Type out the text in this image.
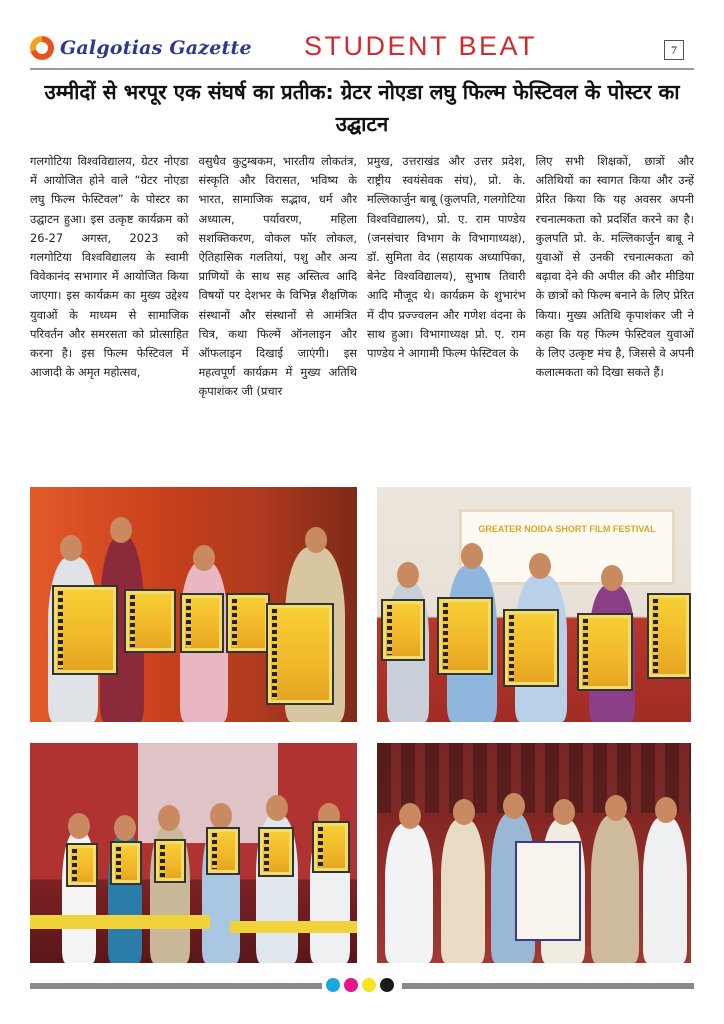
Galgotias Gazette STUDENT BEAT	7
उम्मीदों से भरपूर एक संघर्ष का प्रतीक: ग्रेटर नोएडा लघु फिल्म फेस्टिवल के पोस्टर का उद्घाटन
गलगोटिया विश्वविद्यालय, ग्रेटर नोएडा में आयोजित होने वाले “ग्रेटर नोएडा लघु फिल्म फेस्टिवल” के पोस्टर का उद्घाटन हुआ। इस उत्कृष्ट कार्यक्रम को 26-27 अगस्त, 2023 को गलगोटिया विश्वविद्यालय के स्वामी विवेकानंद सभागार में आयोजित किया जाएगा। इस कार्यक्रम का मुख्य उद्देश्य युवाओं के माध्यम से सामाजिक परिवर्तन और समरसता को प्रोत्साहित करना है। इस फिल्म फेस्टिवल में आजादी के अमृत महोत्सव,
वसुधैव कुटुम्बकम, भारतीय लोकतंत्र, संस्कृति और विरासत, भविष्य के भारत, सामाजिक सद्भाव, धर्म और अध्यात्म, पर्यावरण, महिला सशक्तिकरण, वोकल फॉर लोकल, ऐतिहासिक गलतियां, पशु और अन्य प्राणियों के साथ सह अस्तित्व आदि विषयों पर देशभर के विभिन्न शैक्षणिक संस्थानों और संस्थानों से आमंत्रित चित्र, कथा फिल्में ऑनलाइन और ऑफलाइन दिखाई जाएंगी। इस महत्वपूर्ण कार्यक्रम में मुख्य अतिथि कृपाशंकर जी (प्रचार
प्रमुख, उत्तराखंड और उत्तर प्रदेश, राष्ट्रीय स्वयंसेवक संघ), प्रो. के. मल्लिकार्जुन बाबू (कुलपति, गलगोटिया विश्वविद्यालय), प्रो. ए. राम पाण्डेय (जनसंचार विभाग के विभागाध्यक्ष), डॉ. सुमिता वेद (सहायक अध्यापिका, बेनेट विश्वविद्यालय), सुभाष तिवारी आदि मौजूद थे। कार्यक्रम के शुभारंभ में दीप प्रज्ज्वलन और गणेश वंदना के साथ हुआ। विभागाध्यक्ष प्रो. ए. राम पाण्डेय ने आगामी फिल्म फेस्टिवल के
लिए सभी शिक्षकों, छात्रों और अतिथियों का स्वागत किया और उन्हें प्रेरित किया कि यह अवसर अपनी रचनात्मकता को प्रदर्शित करने का है। कुलपति प्रो. के. मल्लिकार्जुन बाबू ने युवाओं से उनकी रचनात्मकता को बढ़ावा देने की अपील की और मीडिया के छात्रों को फिल्म बनाने के लिए प्रेरित किया। मुख्य अतिथि कृपाशंकर जी ने कहा कि यह फिल्म फेस्टिवल युवाओं के लिए उत्कृष्ट मंच है, जिससे वे अपनी कलात्मकता को दिखा सकते हैं।
GREATER NOIDA SHORT FILM FESTIVAL
